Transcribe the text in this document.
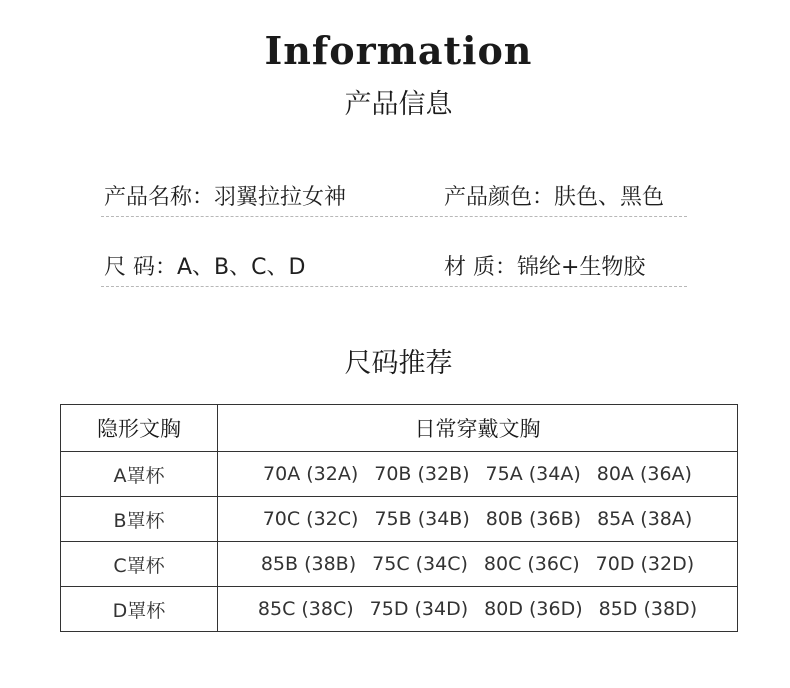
Information
产品信息
产品名称：羽翼拉拉女神	产品颜色：肤色、黑色
尺 码：A、B、C、D	材 质：锦纶+生物胶
尺码推荐
隐形文胸	日常穿戴文胸
A罩杯	70A (32A) 70B (32B) 75A (34A) 80A (36A)
B罩杯	70C (32C) 75B (34B) 80B (36B) 85A (38A)
C罩杯	85B (38B) 75C (34C) 80C (36C) 70D (32D)
D罩杯	85C (38C) 75D (34D) 80D (36D) 85D (38D)
